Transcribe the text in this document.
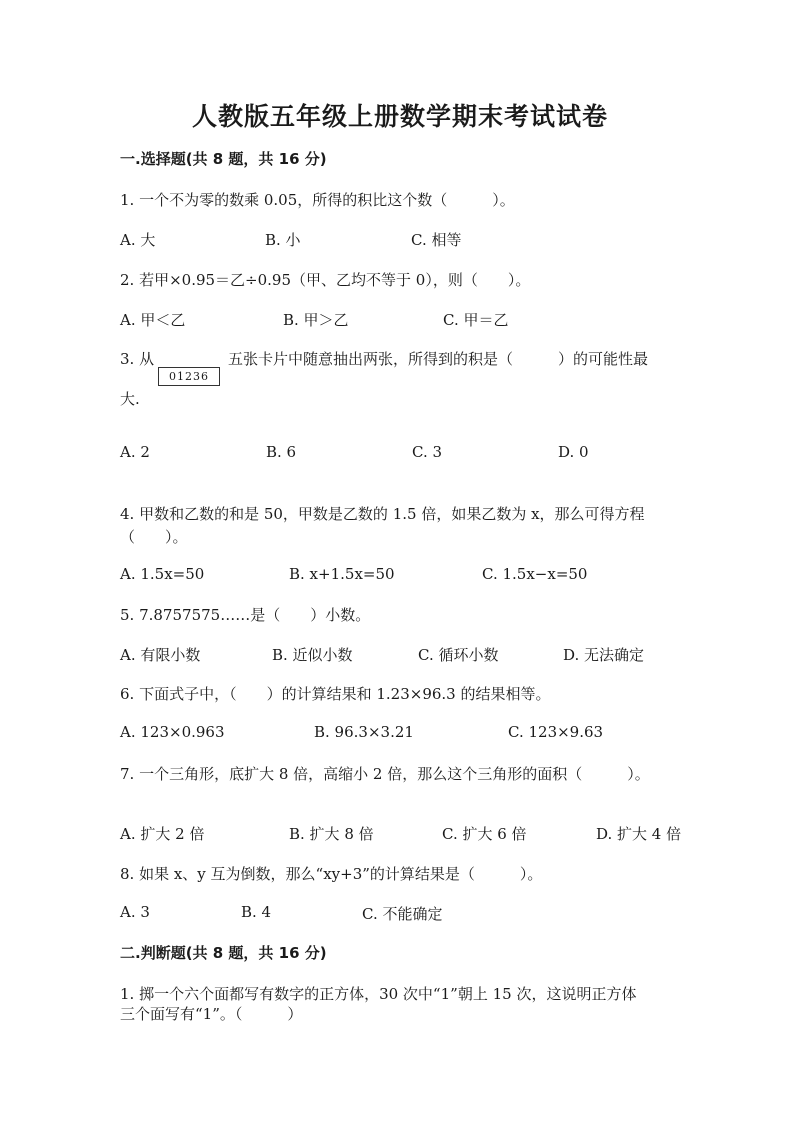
人教版五年级上册数学期末考试试卷
一.选择题(共 8 题，共 16 分)
1. 一个不为零的数乘 0.05，所得的积比这个数（　　　）。
A. 大	B. 小	C. 相等
2. 若甲×0.95＝乙÷0.95（甲、乙均不等于 0），则（　　）。
A. 甲＜乙	B. 甲＞乙	C. 甲＝乙
3. 从
01236
五张卡片中随意抽出两张，所得到的积是（　　　）的可能性最
大.
A. 2	B. 6	C. 3	D. 0
4. 甲数和乙数的和是 50，甲数是乙数的 1.5 倍，如果乙数为 x，那么可得方程
（　　）。
A. 1.5x=50	B. x+1.5x=50	C. 1.5x−x=50
5. 7.8757575……是（　　）小数。
A. 有限小数	B. 近似小数	C. 循环小数	D. 无法确定
6. 下面式子中，（　　）的计算结果和 1.23×96.3 的结果相等。
A. 123×0.963	B. 96.3×3.21	C. 123×9.63
7. 一个三角形，底扩大 8 倍，高缩小 2 倍，那么这个三角形的面积（　　　）。
A. 扩大 2 倍	B. 扩大 8 倍	C. 扩大 6 倍	D. 扩大 4 倍
8. 如果 x、y 互为倒数，那么“xy+3”的计算结果是（　　　）。
A. 3	B. 4	C. 不能确定
二.判断题(共 8 题，共 16 分)
1. 掷一个六个面都写有数字的正方体，30 次中“1”朝上 15 次，这说明正方体
三个面写有“1”。（　　　）
